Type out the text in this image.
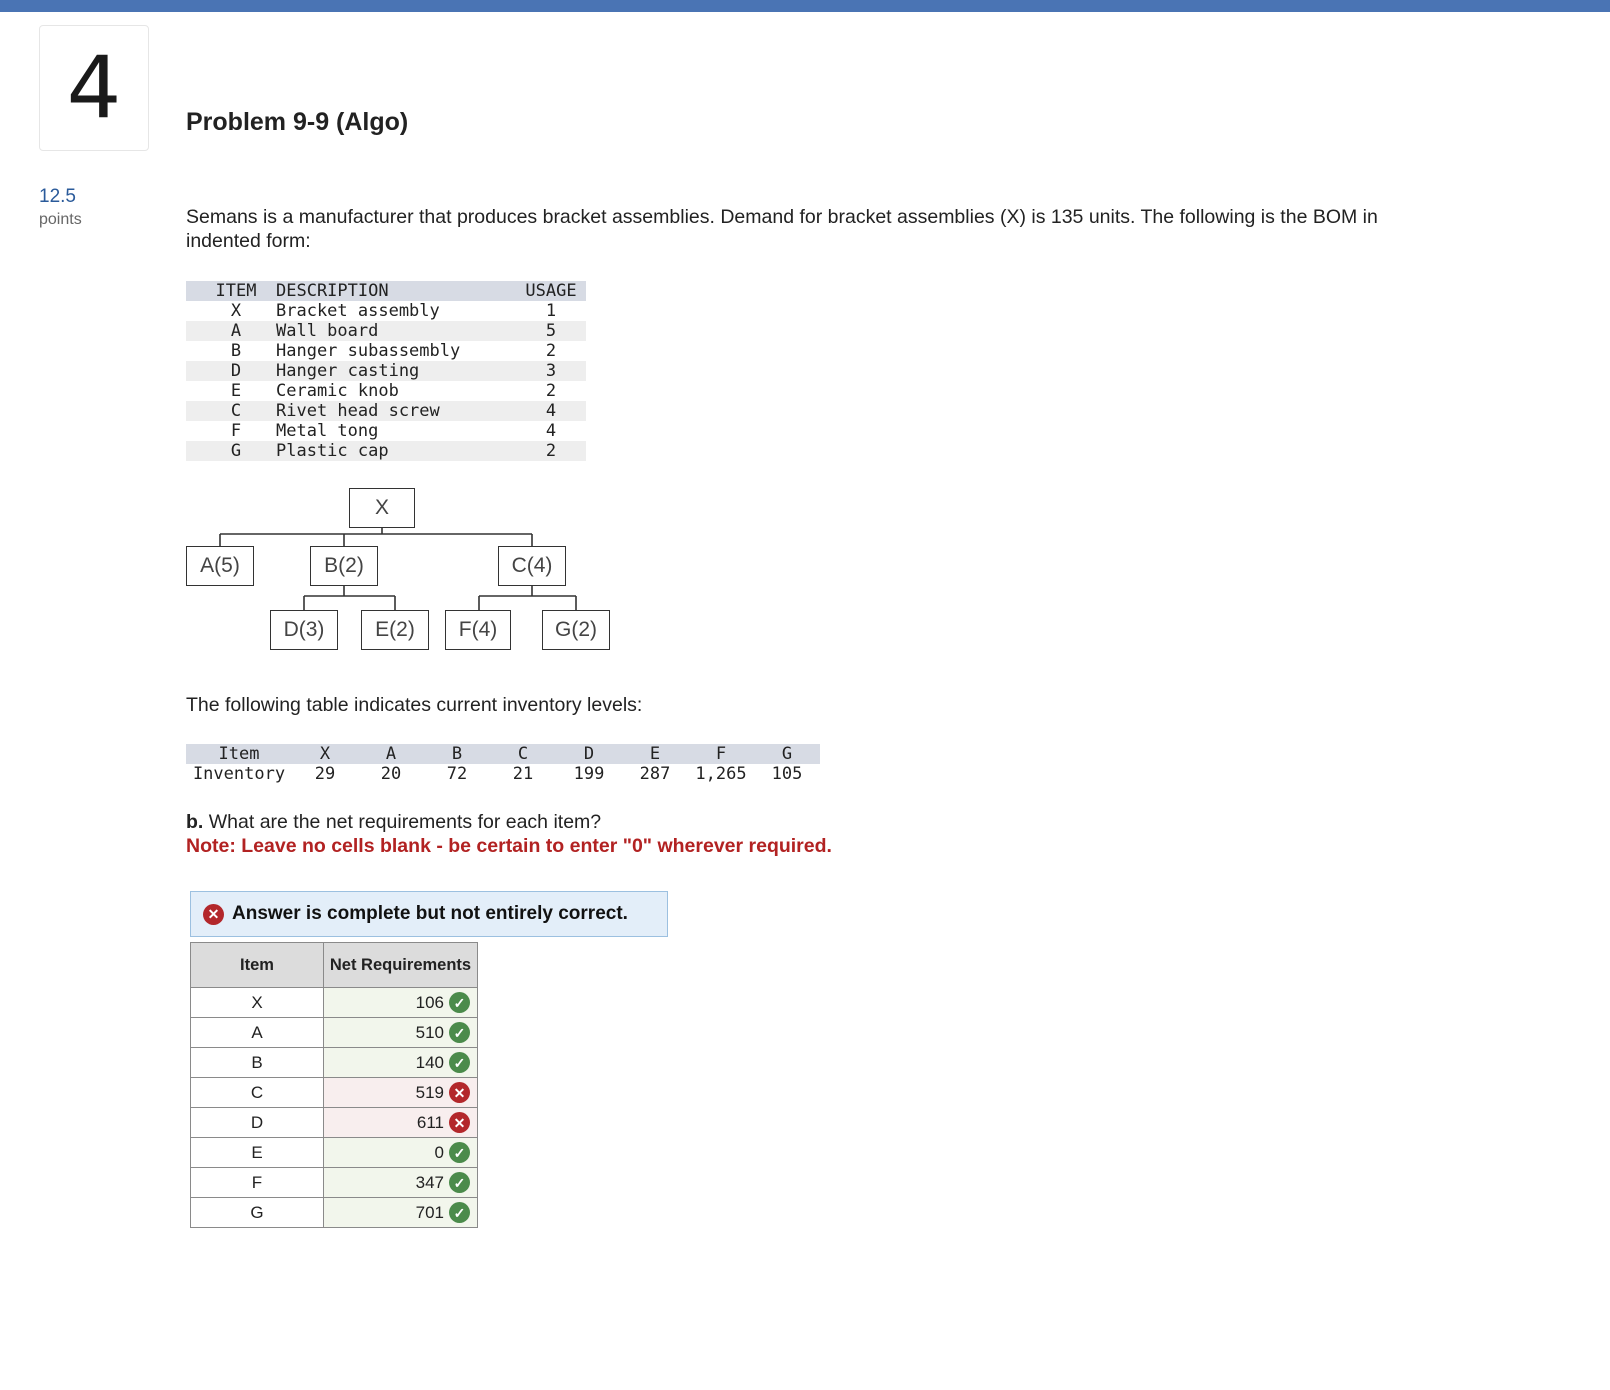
4	Problem 9-9 (Algo)
12.5
points	Semans is a manufacturer that produces bracket assemblies. Demand for bracket assemblies (X) is 135 units. The following is the BOM in indented form:
ITEM	DESCRIPTION	USAGE
X	Bracket assembly	1
A	Wall board	5
B	Hanger subassembly	2
D	Hanger casting	3
E	Ceramic knob	2
C	Rivet head screw	4
F	Metal tong	4
G	Plastic cap	2
X
A(5)	B(2)	C(4)
D(3)	E(2)	F(4)	G(2)
The following table indicates current inventory levels:
Item	X	A	B	C	D	E	F	G
Inventory	29	20	72	21	199	287	1,265	105
b. What are the net requirements for each item?
Note: Leave no cells blank - be certain to enter "0" wherever required.
✕ Answer is complete but not entirely correct.
Item	Net Requirements
X	106 ✓

A	510 ✓

B	140 ✓

C	519 ✕

D	611 ✕

E	0 ✓

F	347 ✓

G	701 ✓
